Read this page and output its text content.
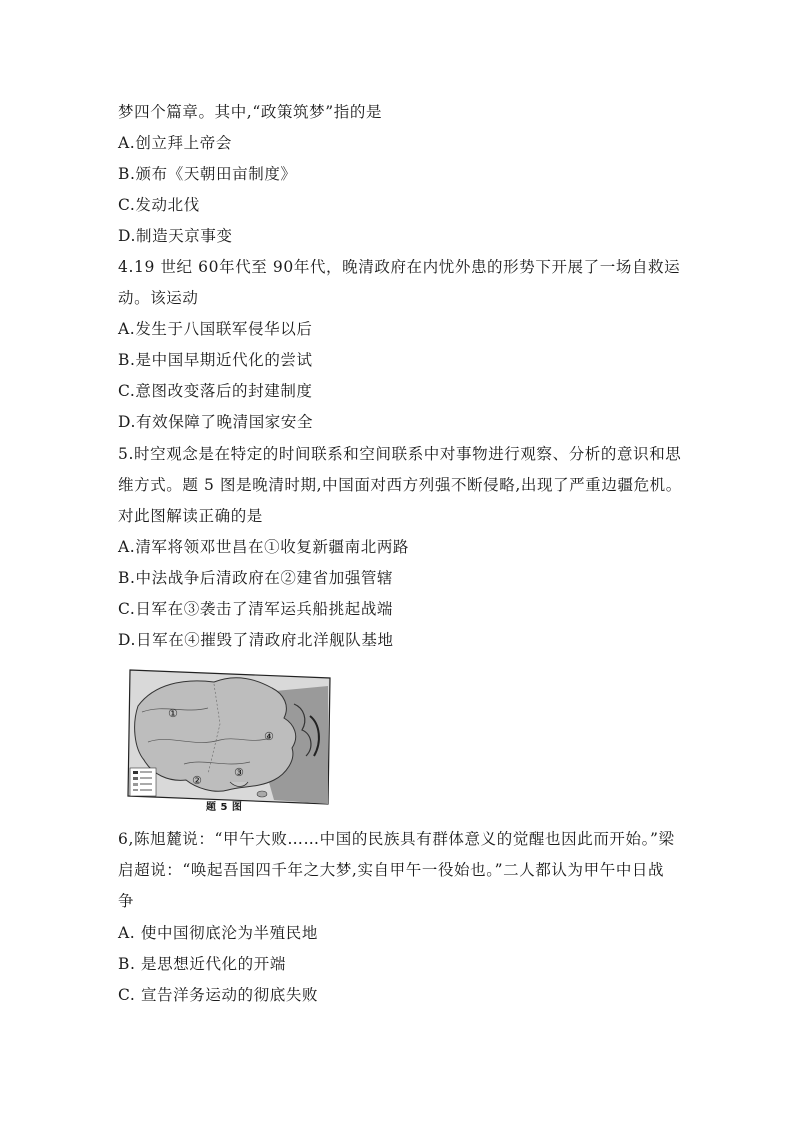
梦四个篇章。其中,“政策筑梦”指的是
A.创立拜上帝会
B.颁布《天朝田亩制度》
C.发动北伐
D.制造天京事变
4.19 世纪 60年代至 90年代，晚清政府在内忧外患的形势下开展了一场自救运
动。该运动
A.发生于八国联军侵华以后
B.是中国早期近代化的尝试
C.意图改变落后的封建制度
D.有效保障了晚清国家安全
5.时空观念是在特定的时间联系和空间联系中对事物进行观察、分析的意识和思
维方式。题 5 图是晚清时期,中国面对西方列强不断侵略,出现了严重边疆危机。
对此图解读正确的是
A.清军将领邓世昌在①收复新疆南北两路
B.中法战争后清政府在②建省加强管辖
C.日军在③袭击了清军运兵船挑起战端
D.日军在④摧毁了清政府北洋舰队基地
①
②
③
④
题 5 图
6,陈旭麓说：“甲午大败……中国的民族具有群体意义的觉醒也因此而开始。”梁
启超说：“唤起吾国四千年之大梦,实自甲午一役始也。”二人都认为甲午中日战
争
A. 使中国彻底沦为半殖民地
B. 是思想近代化的开端
C. 宣告洋务运动的彻底失败
